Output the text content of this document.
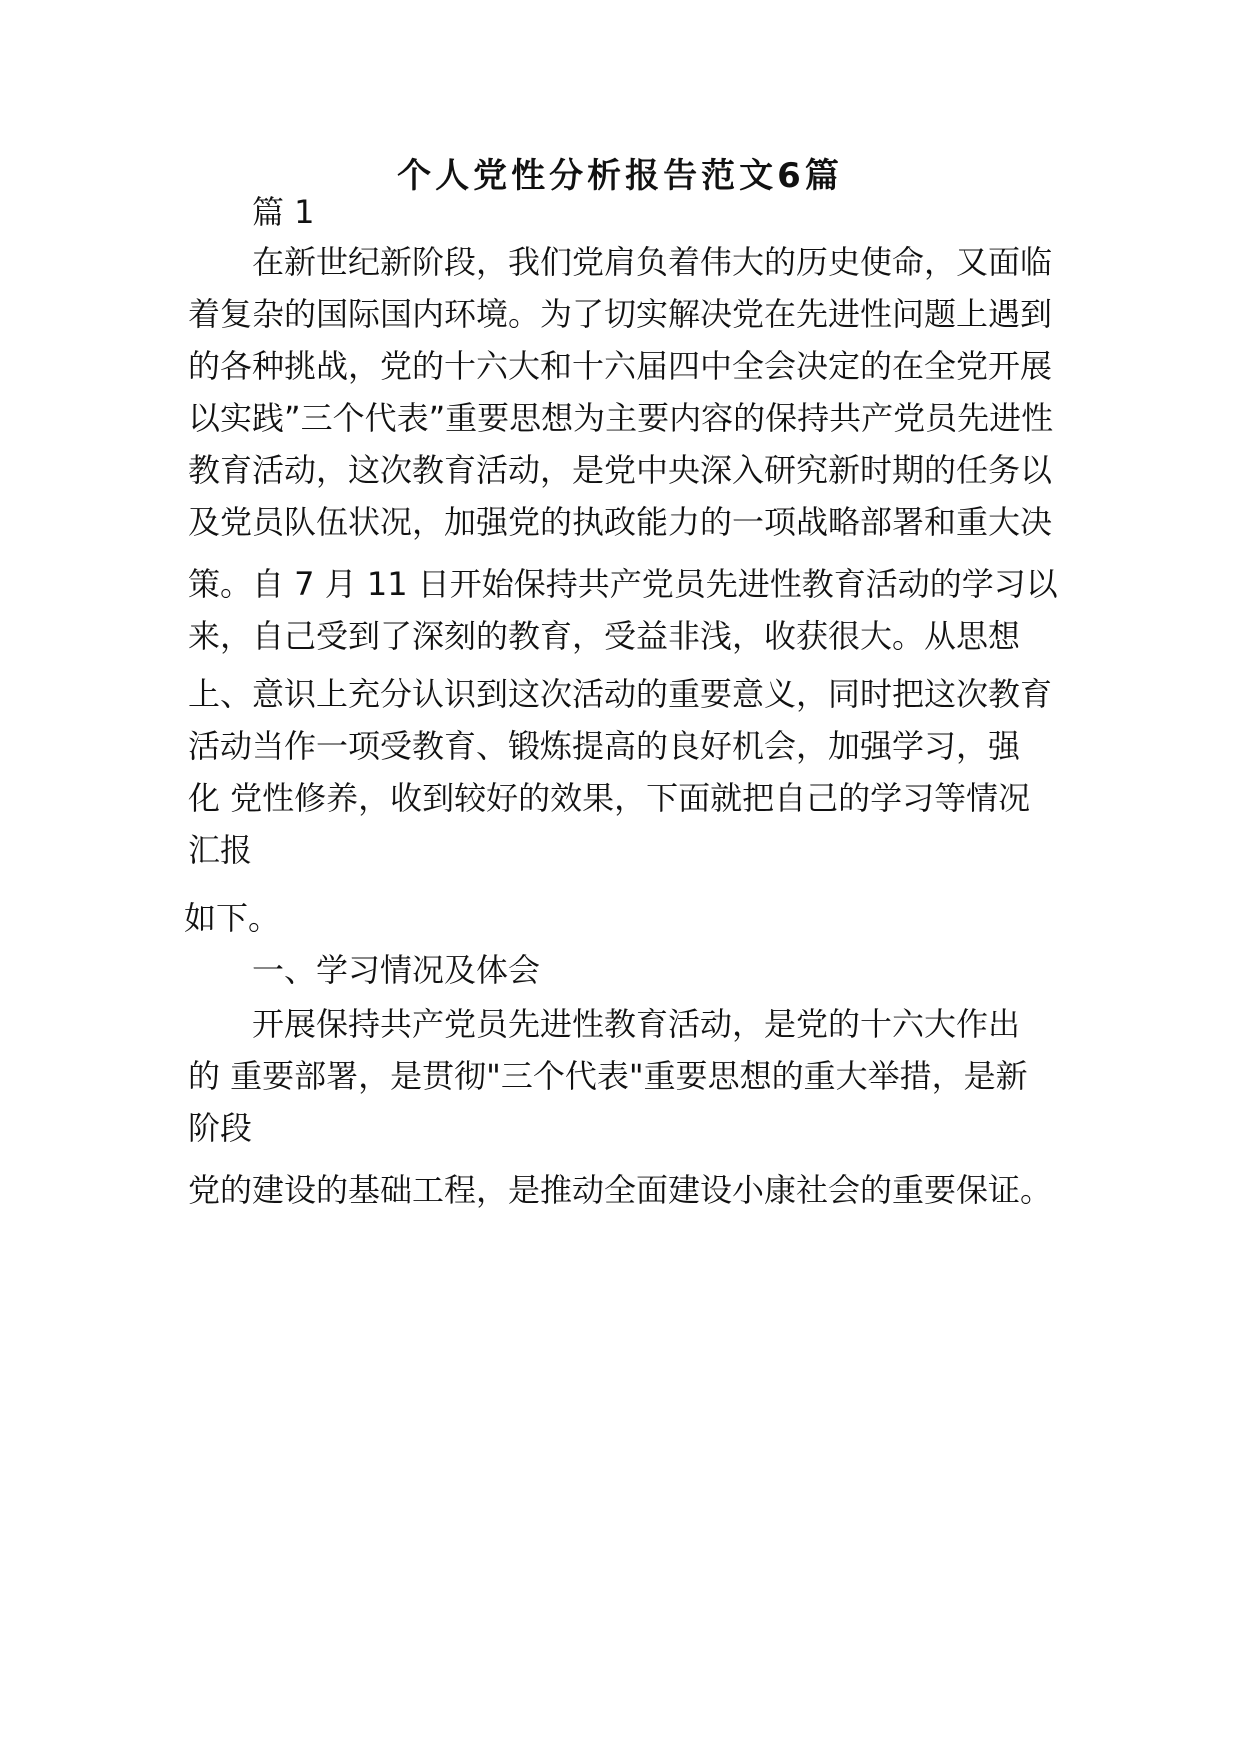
个人党性分析报告范文6篇

篇 1

在新世纪新阶段，我们党肩负着伟大的历史使命，又面临

着复杂的国际国内环境。为了切实解决党在先进性问题上遇到

的各种挑战，党的十六大和十六届四中全会决定的在全党开展

以实践”三个代表”重要思想为主要内容的保持共产党员先进性

教育活动，这次教育活动，是党中央深入研究新时期的任务以

及党员队伍状况，加强党的执政能力的一项战略部署和重大决

策。自 7 月 11 日开始保持共产党员先进性教育活动的学习以

来，自己受到了深刻的教育，受益非浅，收获很大。从思想

上、意识上充分认识到这次活动的重要意义，同时把这次教育

活动当作一项受教育、锻炼提高的良好机会，加强学习，强

化 党性修养，收到较好的效果，下面就把自己的学习等情况

汇报

如下。

一、学习情况及体会

开展保持共产党员先进性教育活动，是党的十六大作出

的 重要部署，是贯彻"三个代表"重要思想的重大举措，是新

阶段

党的建设的基础工程，是推动全面建设小康社会的重要保证。
